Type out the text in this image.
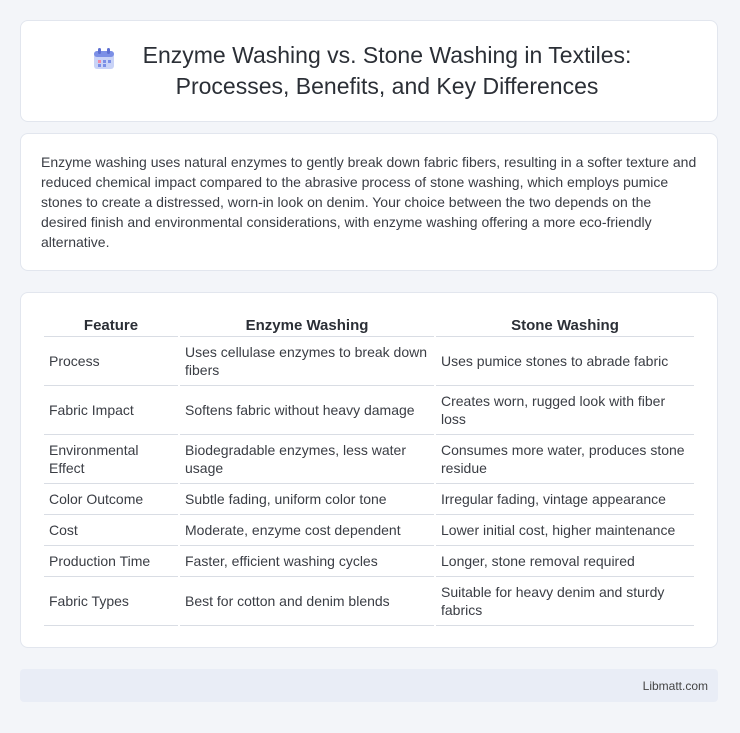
Enzyme Washing vs. Stone Washing in Textiles: Processes, Benefits, and Key Differences

Enzyme washing uses natural enzymes to gently break down fabric fibers, resulting in a softer texture and reduced chemical impact compared to the abrasive process of stone washing, which employs pumice stones to create a distressed, worn-in look on denim. Your choice between the two depends on the desired finish and environmental considerations, with enzyme washing offering a more eco-friendly alternative.

Feature	Enzyme Washing	Stone Washing
Process	Uses cellulase enzymes to break down fibers	Uses pumice stones to abrade fabric
Fabric Impact	Softens fabric without heavy damage	Creates worn, rugged look with fiber loss
Environmental Effect	Biodegradable enzymes, less water usage	Consumes more water, produces stone residue
Color Outcome	Subtle fading, uniform color tone	Irregular fading, vintage appearance
Cost	Moderate, enzyme cost dependent	Lower initial cost, higher maintenance
Production Time	Faster, efficient washing cycles	Longer, stone removal required
Fabric Types	Best for cotton and denim blends	Suitable for heavy denim and sturdy fabrics
Libmatt.com
